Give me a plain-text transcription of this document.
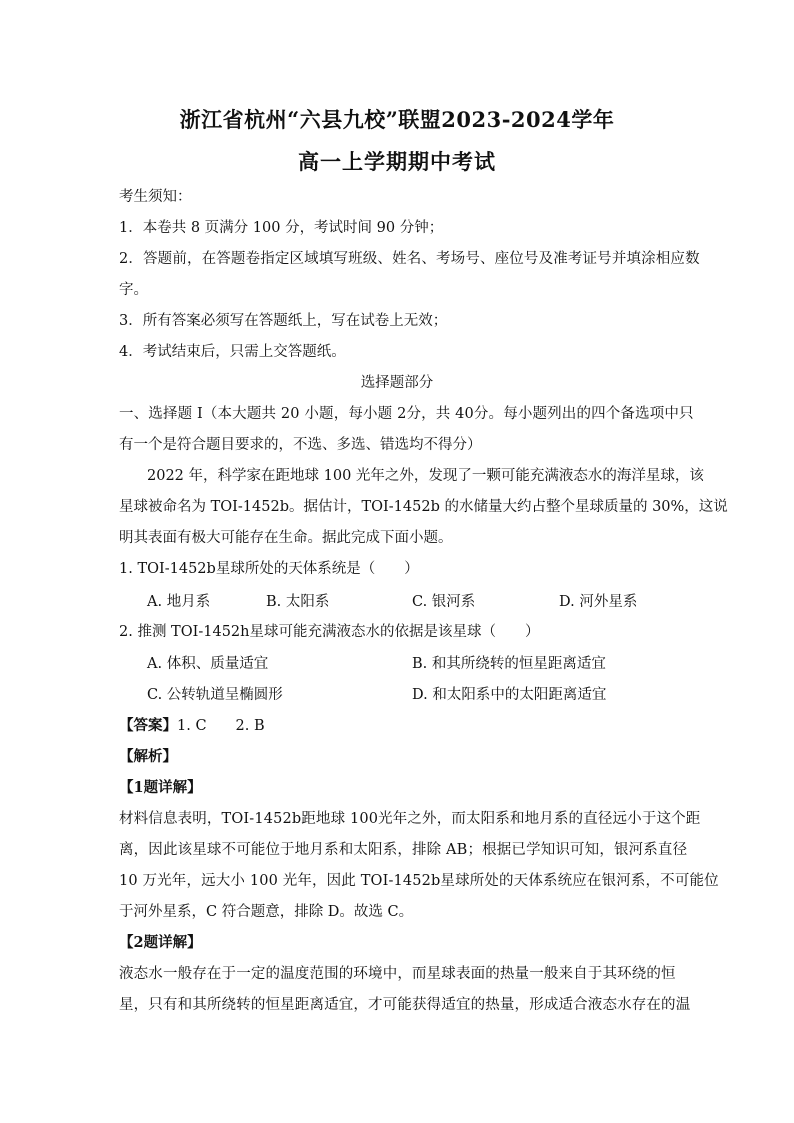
浙江省杭州“六县九校”联盟2023-2024学年
高一上学期期中考试
考生须知：
1．本卷共 8 页满分 100 分，考试时间 90 分钟；
2．答题前，在答题卷指定区域填写班级、姓名、考场号、座位号及准考证号并填涂相应数
字。
3．所有答案必须写在答题纸上，写在试卷上无效；
4．考试结束后，只需上交答题纸。
选择题部分
一、选择题 I（本大题共 20 小题，每小题 2分，共 40分。每小题列出的四个备选项中只
有一个是符合题目要求的，不选、多选、错选均不得分）
2022 年，科学家在距地球 100 光年之外，发现了一颗可能充满液态水的海洋星球，该
星球被命名为 TOI-1452b。据估计，TOI-1452b 的水储量大约占整个星球质量的 30%，这说
明其表面有极大可能存在生命。据此完成下面小题。
1. TOI-1452b星球所处的天体系统是（　　）
A. 地月系	B. 太阳系	C. 银河系	D. 河外星系
2. 推测 TOI-1452h星球可能充满液态水的依据是该星球（　　）
A. 体积、质量适宜	B. 和其所绕转的恒星距离适宜
C. 公转轨道呈椭圆形	D. 和太阳系中的太阳距离适宜
【答案】1. C　　2. B
【解析】
【1题详解】
材料信息表明，TOI-1452b距地球 100光年之外，而太阳系和地月系的直径远小于这个距
离，因此该星球不可能位于地月系和太阳系，排除 AB；根据已学知识可知，银河系直径
10 万光年，远大小 100 光年，因此 TOI-1452b星球所处的天体系统应在银河系，不可能位
于河外星系，C 符合题意，排除 D。故选 C。
【2题详解】
液态水一般存在于一定的温度范围的环境中，而星球表面的热量一般来自于其环绕的恒
星，只有和其所绕转的恒星距离适宜，才可能获得适宜的热量，形成适合液态水存在的温
